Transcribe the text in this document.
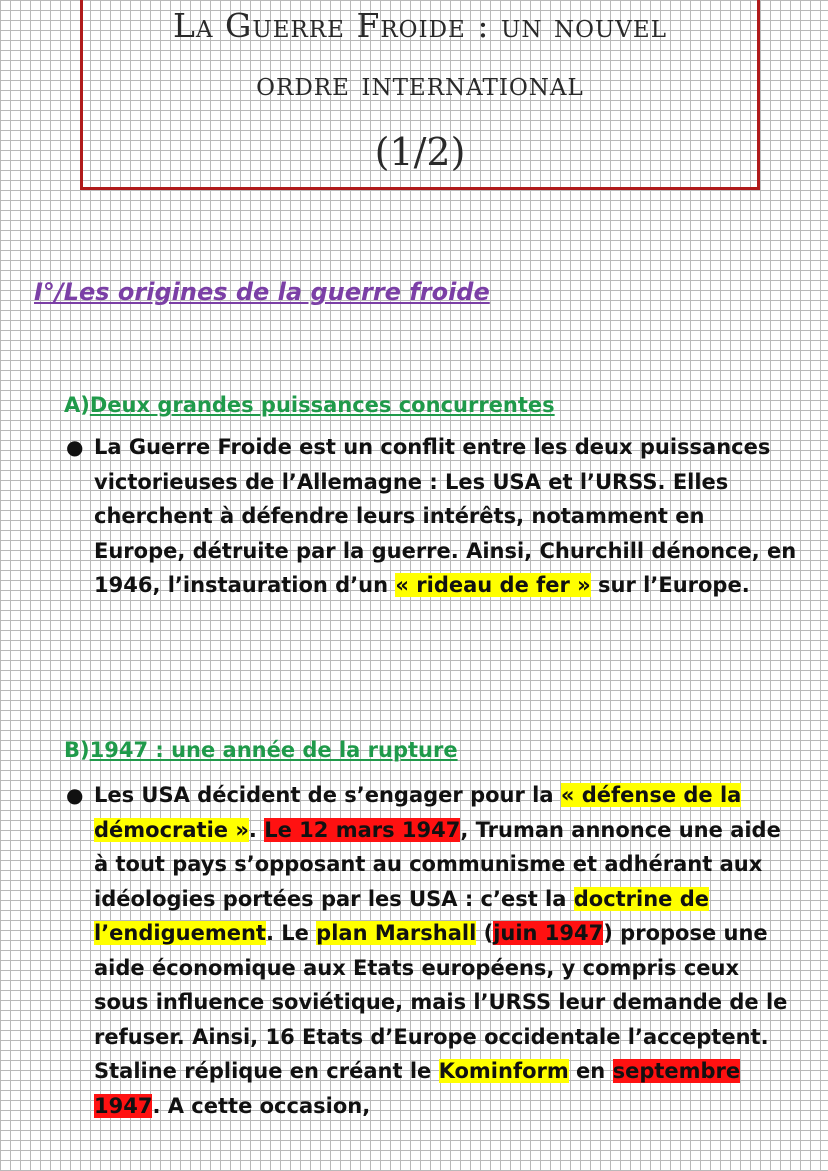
La Guerre Froide : un nouvel
ordre international
(1/2)
I°/Les origines de la guerre froide
A)Deux grandes puissances concurrentes
● La Guerre Froide est un conflit entre les deux puissances victorieuses de l’Allemagne : Les USA et l’URSS. Elles cherchent à défendre leurs intérêts, notamment en Europe, détruite par la guerre. Ainsi, Churchill dénonce, en 1946, l’instauration d’un « rideau de fer » sur l’Europe.
B)1947 : une année de la rupture
● Les USA décident de s’engager pour la « défense de la démocratie ». Le 12 mars 1947, Truman annonce une aide à tout pays s’opposant au communisme et adhérant aux idéologies portées par les USA : c’est la doctrine de l’endiguement. Le plan Marshall (juin 1947) propose une aide économique aux Etats européens, y compris ceux sous influence soviétique, mais l’URSS leur demande de le refuser. Ainsi, 16 Etats d’Europe occidentale l’acceptent. Staline réplique en créant le Kominform en septembre 1947. A cette occasion,
